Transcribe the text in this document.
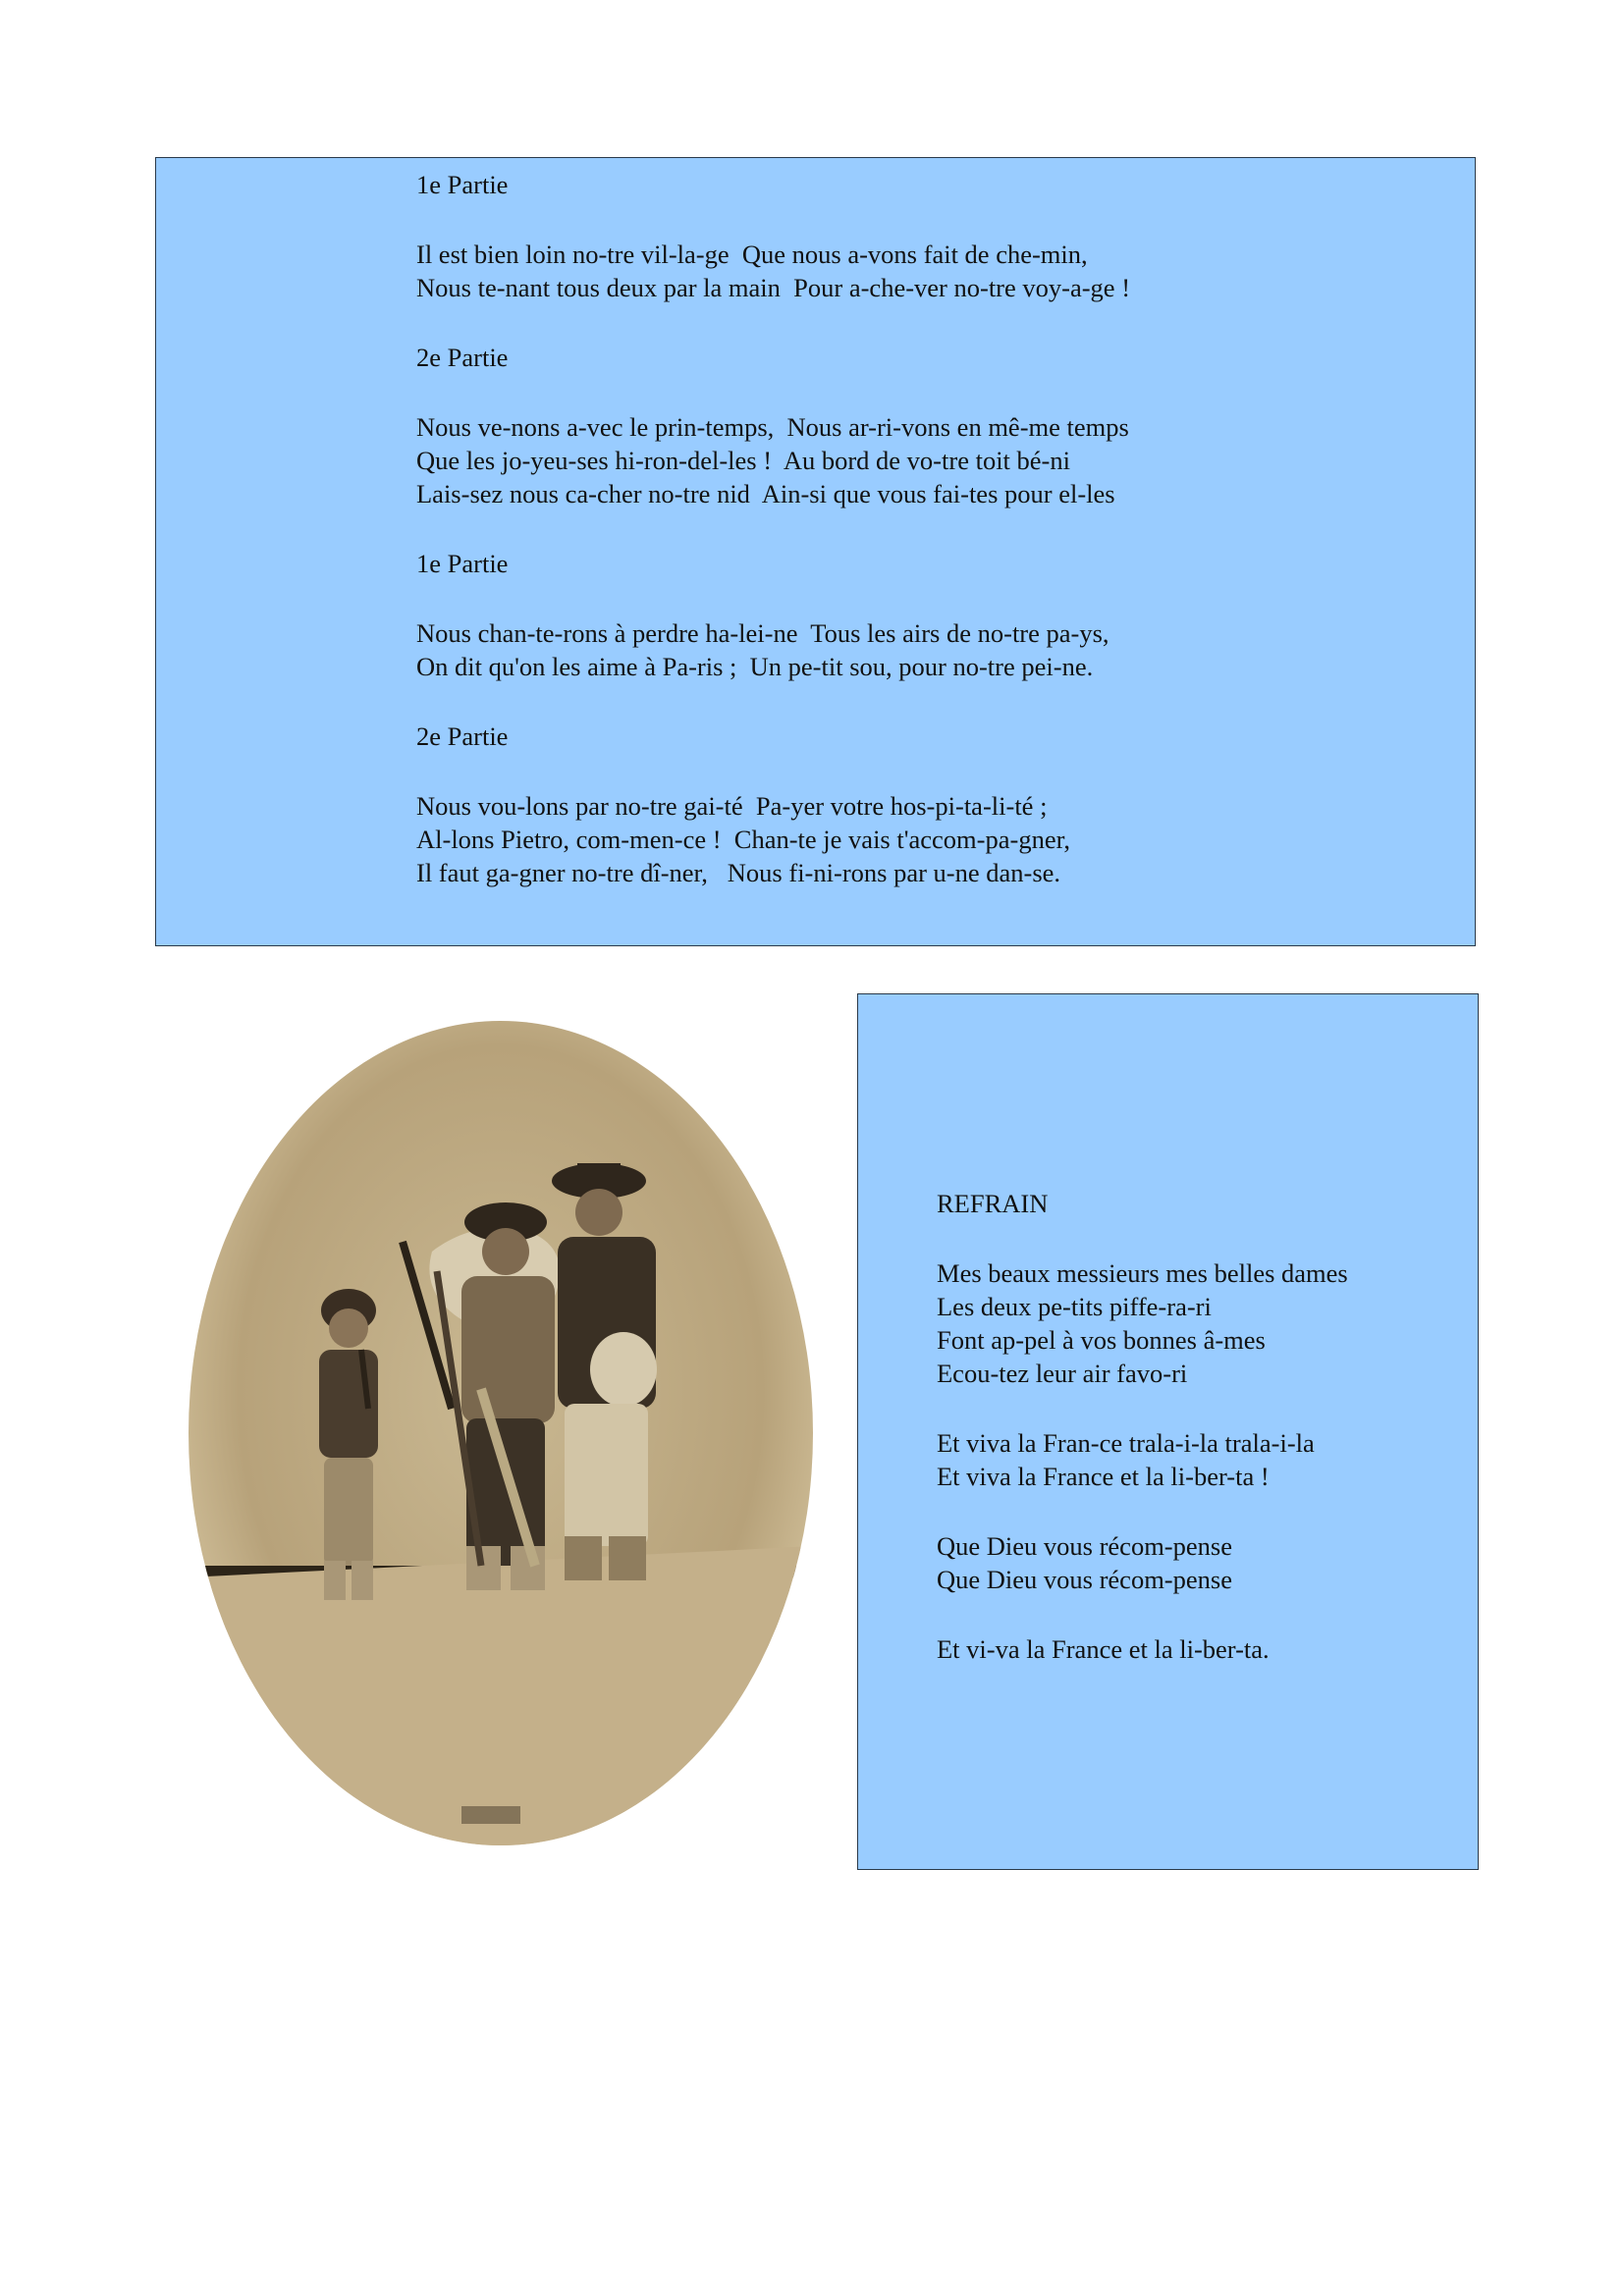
1e Partie
Il est bien loin no-tre vil-la-ge  Que nous a-vons fait de che-min,
Nous te-nant tous deux par la main  Pour a-che-ver no-tre voy-a-ge !
2e Partie
Nous ve-nons a-vec le prin-temps,  Nous ar-ri-vons en mê-me temps
Que les jo-yeu-ses hi-ron-del-les !  Au bord de vo-tre toit bé-ni
Lais-sez nous ca-cher no-tre nid  Ain-si que vous fai-tes pour el-les
1e Partie
Nous chan-te-rons à perdre ha-lei-ne  Tous les airs de no-tre pa-ys,
On dit qu'on les aime à Pa-ris ;  Un pe-tit sou, pour no-tre pei-ne.
2e Partie
Nous vou-lons par no-tre gai-té  Pa-yer votre hos-pi-ta-li-té ;
Al-lons Pietro, com-men-ce !  Chan-te je vais t'accom-pa-gner,
Il faut ga-gner no-tre dî-ner,   Nous fi-ni-rons par u-ne dan-se.
REFRAIN
Mes beaux messieurs mes belles dames
Les deux pe-tits piffe-ra-ri
Font ap-pel à vos bonnes â-mes
Ecou-tez leur air favo-ri
Et viva la Fran-ce trala-i-la trala-i-la
Et viva la France et la li-ber-ta !
Que Dieu vous récom-pense
Que Dieu vous récom-pense
Et vi-va la France et la li-ber-ta.
